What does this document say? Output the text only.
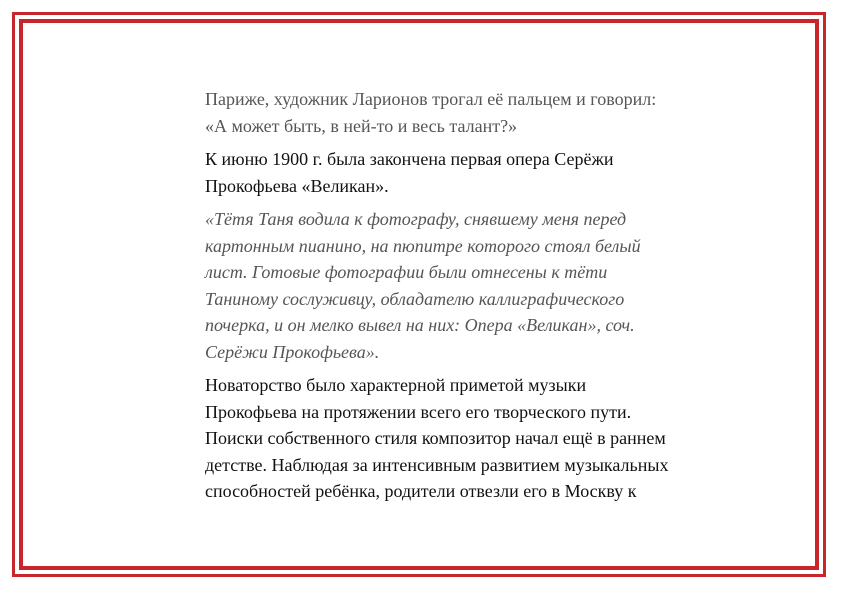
Париже, художник Ларионов трогал её пальцем и говорил:
«А может быть, в ней-то и весь талант?»

К июню 1900 г. была закончена первая опера Серёжи
Прокофьева «Великан».

«Тётя Таня водила к фотографу, снявшему меня перед
картонным пианино, на пюпитре которого стоял белый
лист. Готовые фотографии были отнесены к тёти
Таниному сослуживцу, обладателю каллиграфического
почерка, и он мелко вывел на них: Опера «Великан», соч.
Серёжи Прокофьева».

Новаторство было характерной приметой музыки
Прокофьева на протяжении всего его творческого пути.
Поиски собственного стиля композитор начал ещё в раннем
детстве. Наблюдая за интенсивным развитием музыкальных
способностей ребёнка, родители отвезли его в Москву к
